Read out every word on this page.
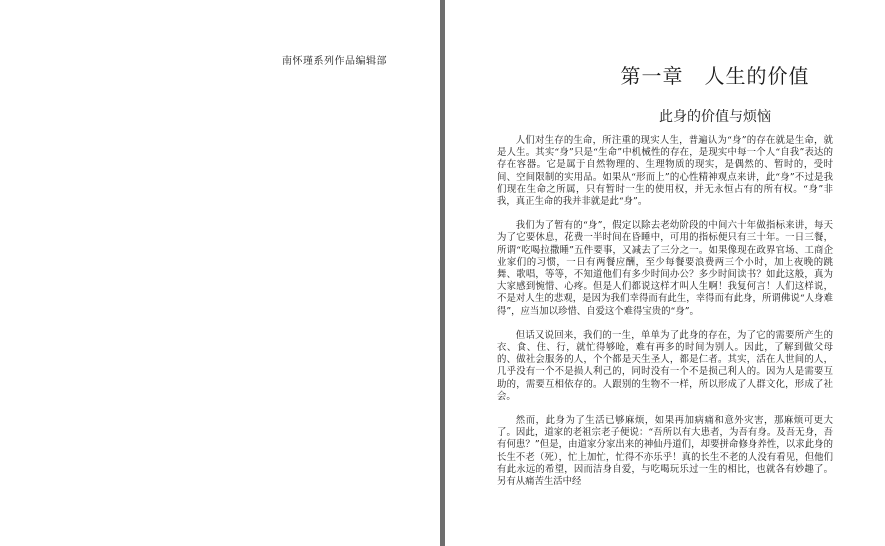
南怀瑾系列作品编辑部
第一章　人生的价值
此身的价值与烦恼

人们对生存的生命，所注重的现实人生，普遍认为“身”的存在就是生命，就是人生。其实“身”只是“生命”中机械性的存在，是现实中每一个人“自我”表达的存在容器。它是属于自然物理的、生理物质的现实，是偶然的、暂时的，受时间、空间限制的实用品。如果从“形而上”的心性精神观点来讲，此“身”不过是我们现在生命之所属，只有暂时一生的使用权，并无永恒占有的所有权。“身”非我，真正生命的我并非就是此“身”。

我们为了暂有的“身”，假定以除去老幼阶段的中间六十年做指标来讲，每天为了它要休息，花费一半时间在昏睡中，可用的指标便只有三十年。一日三餐，所谓“吃喝拉撒睡”五件要事，又减去了三分之一。如果像现在政界官场、工商企业家们的习惯，一日有两餐应酬，至少每餐要浪费两三个小时，加上夜晚的跳舞、歌唱，等等，不知道他们有多少时间办公？多少时间读书？如此这般，真为大家感到惋惜、心疼。但是人们都说这样才叫人生啊！我复何言！人们这样说，不是对人生的悲观，是因为我们幸得而有此生，幸得而有此身，所谓佛说“人身难得”，应当加以珍惜、自爱这个难得宝贵的“身”。

但话又说回来，我们的一生，单单为了此身的存在，为了它的需要所产生的衣、食、住、行，就忙得够呛，难有再多的时间为别人。因此，了解到做父母的、做社会服务的人，个个都是天生圣人，都是仁者。其实，活在人世间的人，几乎没有一个不是损人利己的，同时没有一个不是损己利人的。因为人是需要互助的，需要互相依存的。人跟别的生物不一样，所以形成了人群文化，形成了社会。

然而，此身为了生活已够麻烦，如果再加病痛和意外灾害，那麻烦可更大了。因此，道家的老祖宗老子便说：“吾所以有大患者，为吾有身。及吾无身，吾有何患？”但是，由道家分家出来的神仙丹道们，却要拼命修身养性，以求此身的长生不老（死），忙上加忙，忙得不亦乐乎！真的长生不老的人没有看见，但他们有此永远的希望，因而洁身自爱，与吃喝玩乐过一生的相比，也就各有妙趣了。另有从痛苦生活中经
